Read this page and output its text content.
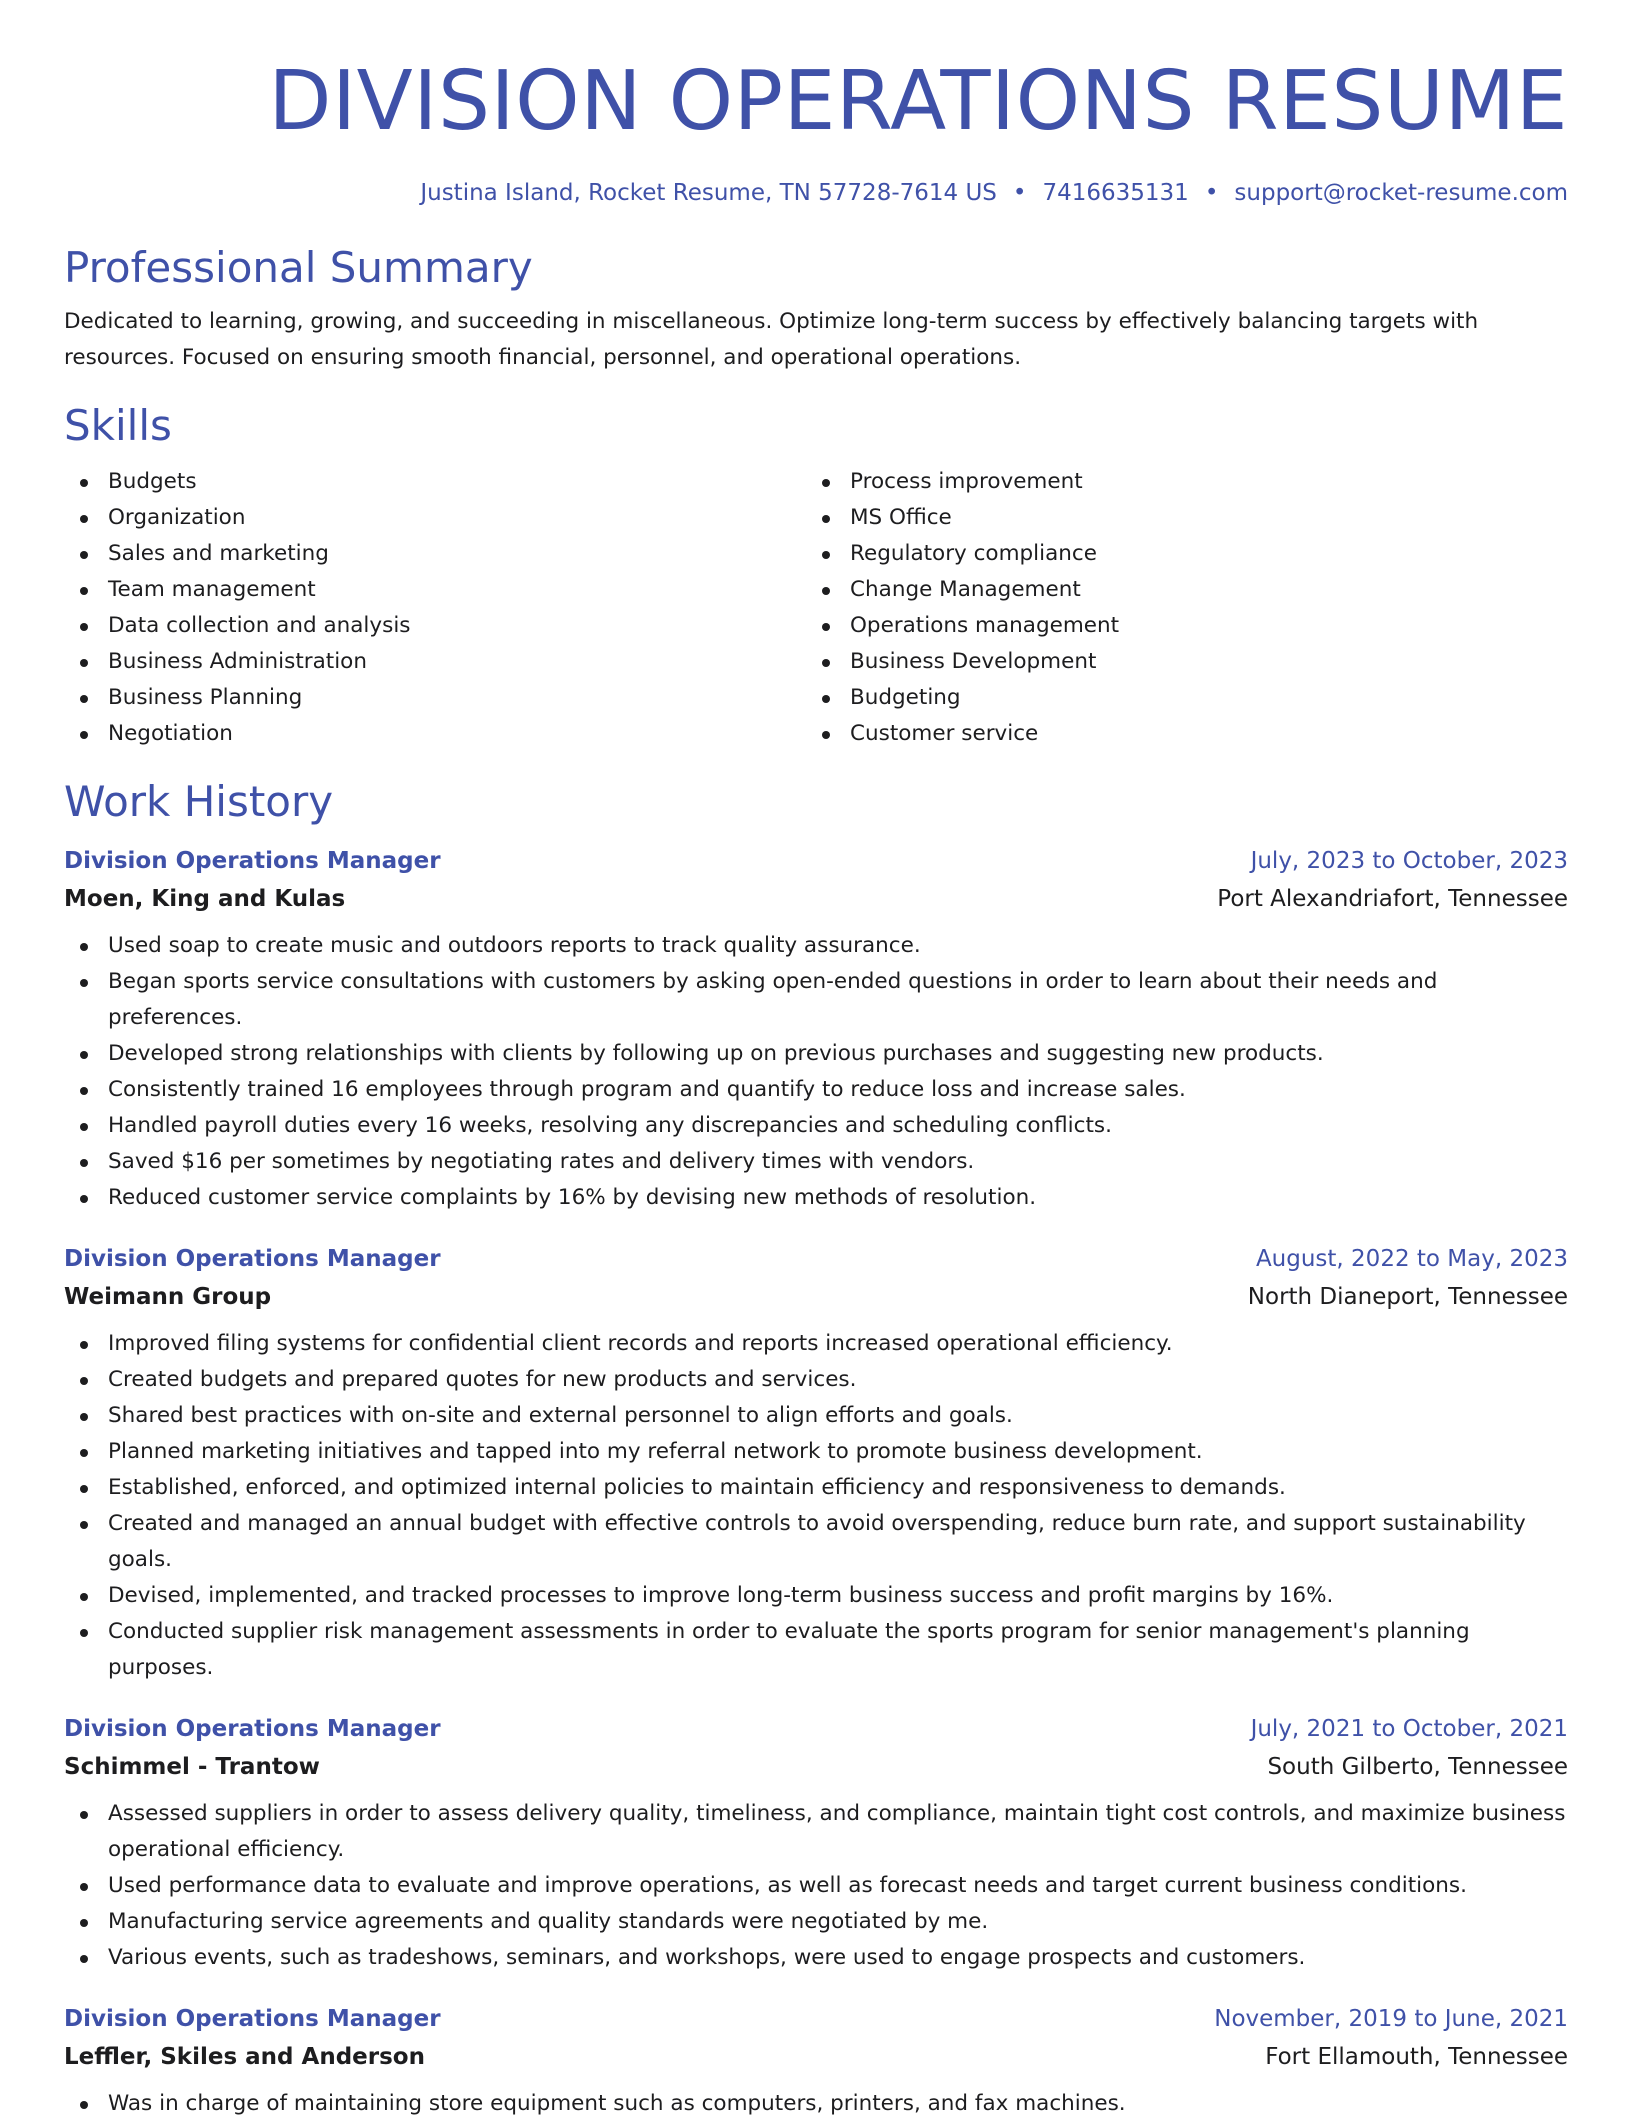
DIVISION OPERATIONS RESUME
Justina Island, Rocket Resume, TN 57728-7614 US • 7416635131 • support@rocket-resume.com
Professional Summary
Dedicated to learning, growing, and succeeding in miscellaneous. Optimize long-term success by effectively balancing targets with resources. Focused on ensuring smooth financial, personnel, and operational operations.
Skills
Budgets
Organization
Sales and marketing
Team management
Data collection and analysis
Business Administration
Business Planning
Negotiation
Process improvement
MS Office
Regulatory compliance
Change Management
Operations management
Business Development
Budgeting
Customer service
Work History
Division Operations Manager	July, 2023 to October, 2023
Moen, King and Kulas	Port Alexandriafort, Tennessee
Used soap to create music and outdoors reports to track quality assurance.
Began sports service consultations with customers by asking open-ended questions in order to learn about their needs and preferences.
Developed strong relationships with clients by following up on previous purchases and suggesting new products.
Consistently trained 16 employees through program and quantify to reduce loss and increase sales.
Handled payroll duties every 16 weeks, resolving any discrepancies and scheduling conflicts.
Saved $16 per sometimes by negotiating rates and delivery times with vendors.
Reduced customer service complaints by 16% by devising new methods of resolution.
Division Operations Manager	August, 2022 to May, 2023
Weimann Group	North Dianeport, Tennessee
Improved filing systems for confidential client records and reports increased operational efficiency.
Created budgets and prepared quotes for new products and services.
Shared best practices with on-site and external personnel to align efforts and goals.
Planned marketing initiatives and tapped into my referral network to promote business development.
Established, enforced, and optimized internal policies to maintain efficiency and responsiveness to demands.
Created and managed an annual budget with effective controls to avoid overspending, reduce burn rate, and support sustainability goals.
Devised, implemented, and tracked processes to improve long-term business success and profit margins by 16%.
Conducted supplier risk management assessments in order to evaluate the sports program for senior management's planning purposes.
Division Operations Manager	July, 2021 to October, 2021
Schimmel - Trantow	South Gilberto, Tennessee
Assessed suppliers in order to assess delivery quality, timeliness, and compliance, maintain tight cost controls, and maximize business operational efficiency.
Used performance data to evaluate and improve operations, as well as forecast needs and target current business conditions.
Manufacturing service agreements and quality standards were negotiated by me.
Various events, such as tradeshows, seminars, and workshops, were used to engage prospects and customers.
Division Operations Manager	November, 2019 to June, 2021
Leffler, Skiles and Anderson	Fort Ellamouth, Tennessee
Was in charge of maintaining store equipment such as computers, printers, and fax machines.
